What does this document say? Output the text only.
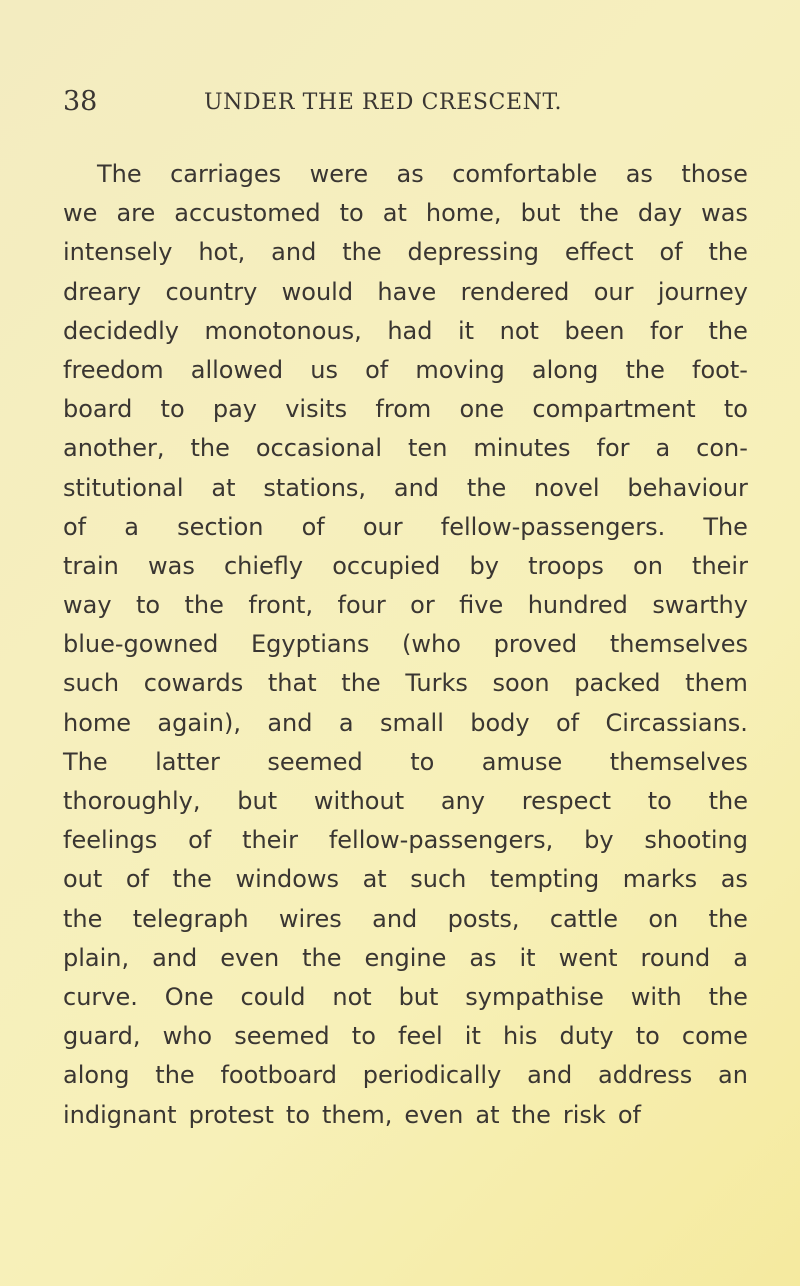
38	UNDER THE RED CRESCENT.
The carriages were as comfortable as those
we are accustomed to at home, but the day was
intensely hot, and the depressing effect of the
dreary country would have rendered our journey
decidedly monotonous, had it not been for the
freedom allowed us of moving along the foot-
board to pay visits from one compartment to
another, the occasional ten minutes for a con-
stitutional at stations, and the novel behaviour
of a section of our fellow-passengers. The
train was chiefly occupied by troops on their
way to the front, four or five hundred swarthy
blue-gowned Egyptians (who proved themselves
such cowards that the Turks soon packed them
home again), and a small body of Circassians.
The latter seemed to amuse themselves
thoroughly, but without any respect to the
feelings of their fellow-passengers, by shooting
out of the windows at such tempting marks as
the telegraph wires and posts, cattle on the
plain, and even the engine as it went round a
curve. One could not but sympathise with the
guard, who seemed to feel it his duty to come
along the footboard periodically and address an
indignant protest to them, even at the risk of
